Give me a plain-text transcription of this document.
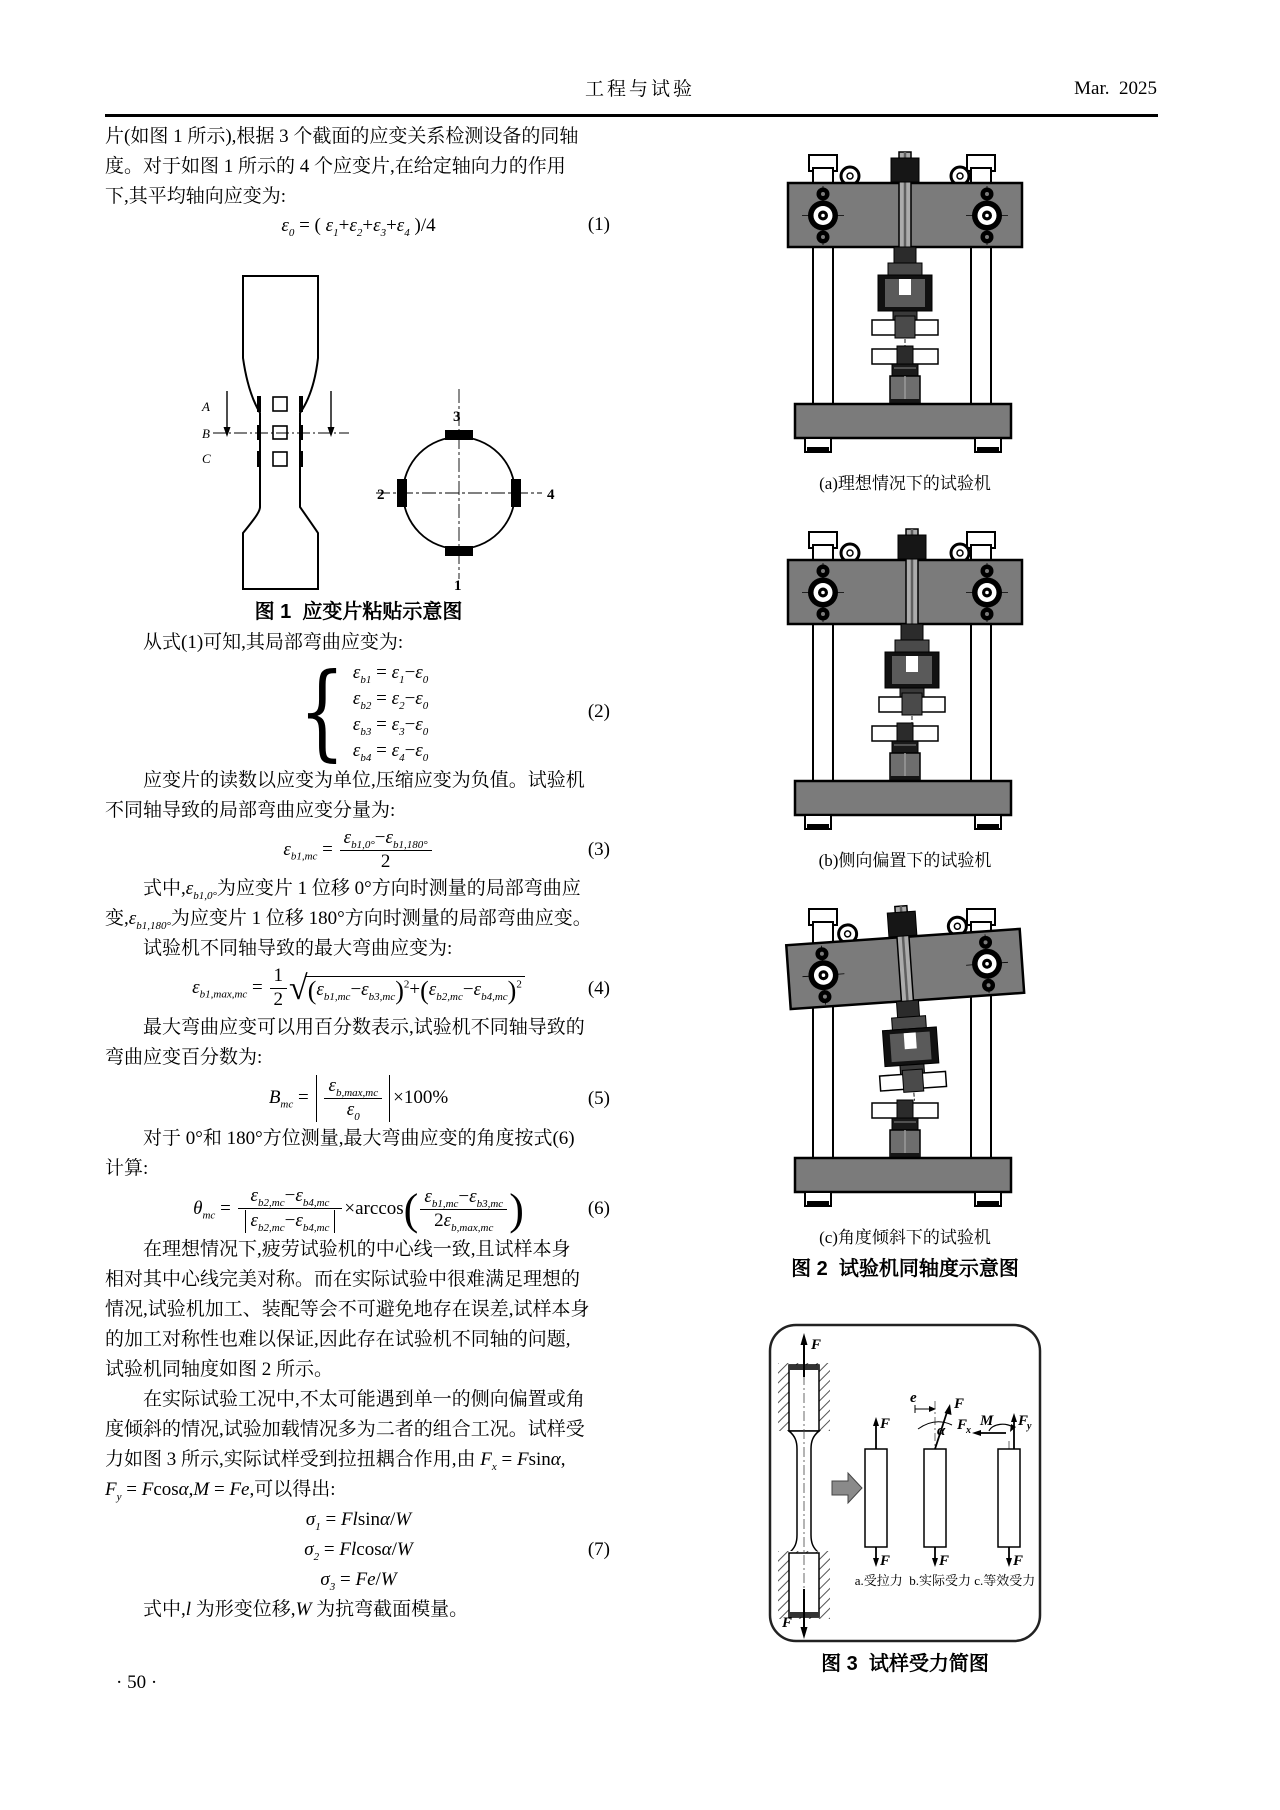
工程与试验	Mar.  2025
片(如图 1 所示),根据 3 个截面的应变关系检测设备的同轴
度。对于如图 1 所示的 4 个应变片,在给定轴向力的作用
下,其平均轴向应变为:
$\varepsilon_0$ = ( $\varepsilon_1+\varepsilon_2+\varepsilon_3+\varepsilon_4$ )/4	(1)
A
B
C
3
2	4
1
图 1  应变片粘贴示意图
从式(1)可知,其局部弯曲应变为:
{ $\varepsilon_{b1} = \varepsilon_1-\varepsilon_0$
$\varepsilon_{b2} = \varepsilon_2-\varepsilon_0$
$\varepsilon_{b3} = \varepsilon_3-\varepsilon_0$
$\varepsilon_{b4} = \varepsilon_4-\varepsilon_0$
(2)
应变片的读数以应变为单位,压缩应变为负值。试验机
不同轴导致的局部弯曲应变分量为:
$\varepsilon_{b1,mc} = \frac{\varepsilon_{b1,0^\circ}-\varepsilon_{b1,180^\circ}}{2}$	(3)
式中$,\varepsilon_{b1,0^\circ}$为应变片 1 位移 0°方向时测量的局部弯曲应
变$,\varepsilon_{b1,180^\circ}$为应变片 1 位移 180°方向时测量的局部弯曲应变。
试验机不同轴导致的最大弯曲应变为:
$\varepsilon_{b1,max,mc} = \frac{1}{2}$ √ ( $\varepsilon_{b1,mc}-\varepsilon_{b3,mc}$ ) $^2$+ ( $\varepsilon_{b2,mc}-\varepsilon_{b4,mc}$ ) $^2$	(4)
最大弯曲应变可以用百分数表示,试验机不同轴导致的
弯曲应变百分数为:
$B_{mc} = \frac{\varepsilon_{b,max,mc}}{\varepsilon_0} \times 100\%$	(5)
对于 0°和 180°方位测量,最大弯曲应变的角度按式(6)
计算:
$\theta_{mc} = \frac{\varepsilon_{b2,mc}-\varepsilon_{b4,mc}}{\varepsilon_{b2,mc}-\varepsilon_{b4,mc}} \times\arccos$ ( $\frac{\varepsilon_{b1,mc}-\varepsilon_{b3,mc}}{2\varepsilon_{b,max,mc}}$ )	(6)
在理想情况下,疲劳试验机的中心线一致,且试样本身
相对其中心线完美对称。而在实际试验中很难满足理想的
情况,试验机加工、装配等会不可避免地存在误差,试样本身
的加工对称性也难以保证,因此存在试验机不同轴的问题,
试验机同轴度如图 2 所示。
在实际试验工况中,不太可能遇到单一的侧向偏置或角
度倾斜的情况,试验加载情况多为二者的组合工况。试样受
力如图 3 所示,实际试样受到拉扭耦合作用,由 $F_x = Fsin\alpha$,
$F_y = Fcos\alpha,M = Fe$,可以得出:
$\sigma_1 = Flsin\alpha/W$
$\sigma_2 = Flcos\alpha/W$
$\sigma_3 = Fe/W$
(7)
式中,l 为形变位移,W 为抗弯截面模量。
(a)理想情况下的试验机
(b)侧向偏置下的试验机
(c)角度倾斜下的试验机
图 2  试验机同轴度示意图
F
F
F
F
e F
α
F
F
y
F
x
M
F
a.受拉力  b.实际受力 c.等效受力
图 3  试样受力简图
· 50 ·
